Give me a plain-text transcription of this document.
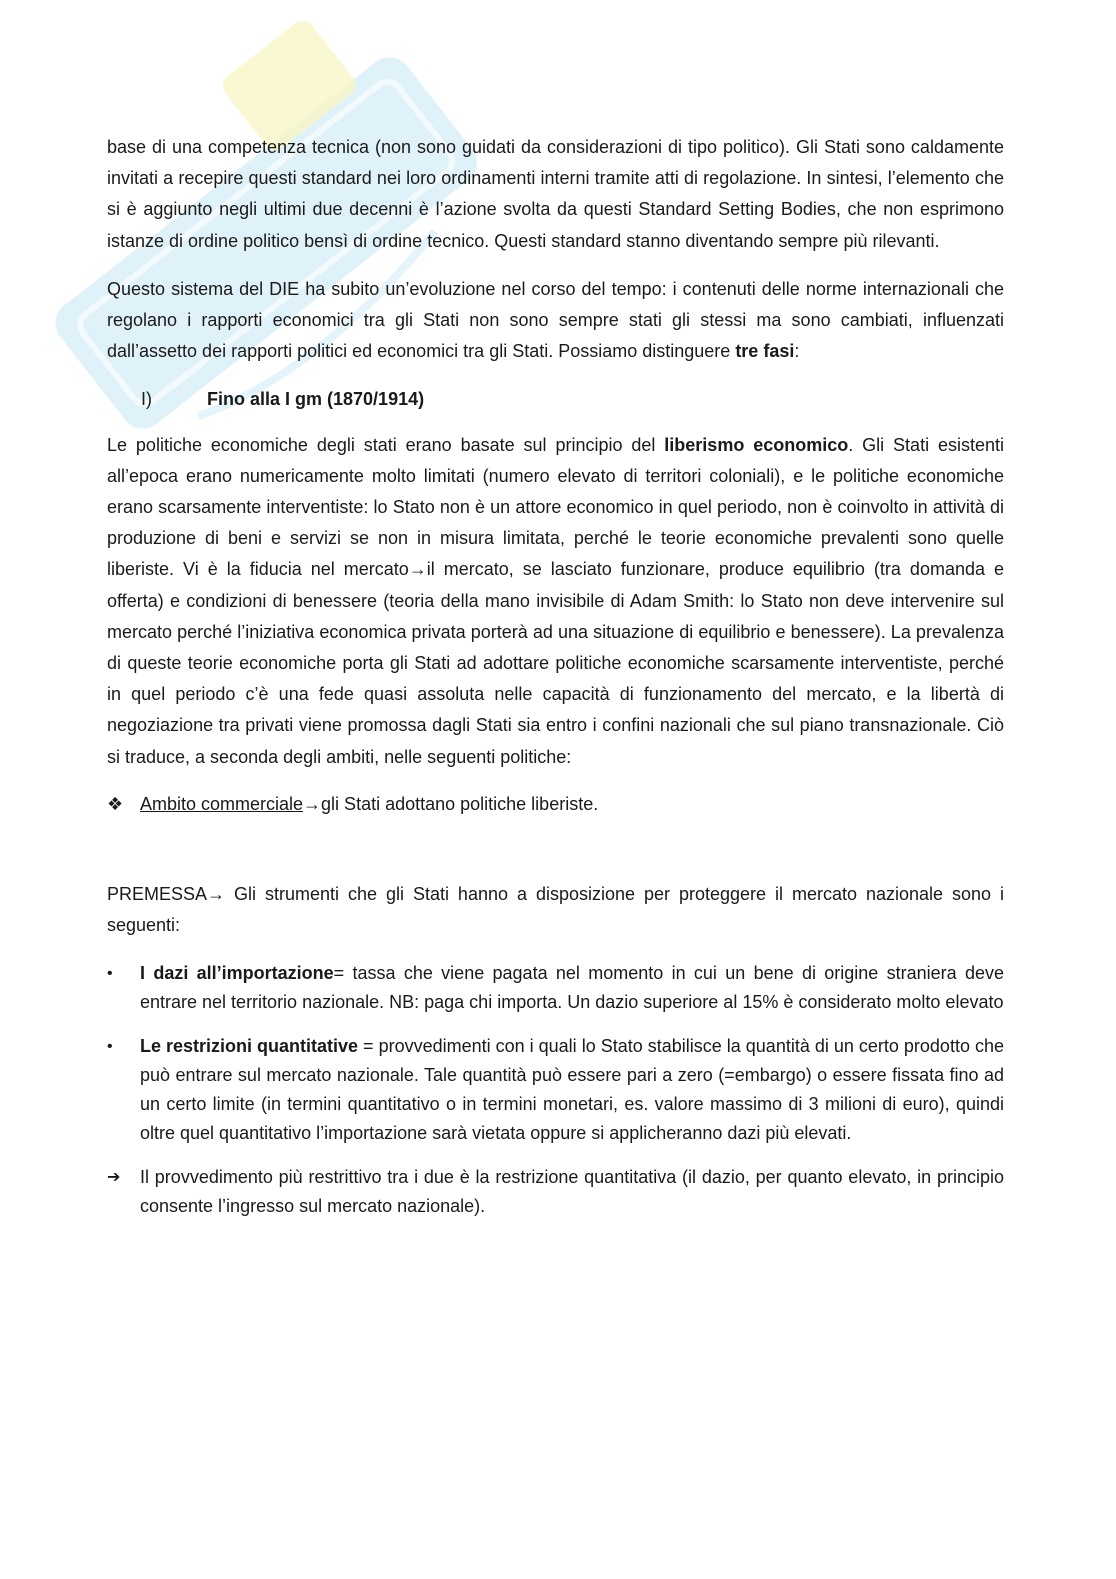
base di una competenza tecnica (non sono guidati da considerazioni di tipo politico). Gli Stati sono caldamente invitati a recepire questi standard nei loro ordinamenti interni tramite atti di regolazione. In sintesi, l’elemento che si è aggiunto negli ultimi due decenni è l’azione svolta da questi Standard Setting Bodies, che non esprimono istanze di ordine politico bensì di ordine tecnico. Questi standard stanno diventando sempre più rilevanti.

Questo sistema del DIE ha subito un’evoluzione nel corso del tempo: i contenuti delle norme internazionali che regolano i rapporti economici tra gli Stati non sono sempre stati gli stessi ma sono cambiati, influenzati dall’assetto dei rapporti politici ed economici tra gli Stati. Possiamo distinguere tre fasi:

I)	Fino alla I gm (1870/1914)

Le politiche economiche degli stati erano basate sul principio del liberismo economico. Gli Stati esistenti all’epoca erano numericamente molto limitati (numero elevato di territori coloniali), e le politiche economiche erano scarsamente interventiste: lo Stato non è un attore economico in quel periodo, non è coinvolto in attività di produzione di beni e servizi se non in misura limitata, perché le teorie economiche prevalenti sono quelle liberiste. Vi è la fiducia nel mercato→il mercato, se lasciato funzionare, produce equilibrio (tra domanda e offerta) e condizioni di benessere (teoria della mano invisibile di Adam Smith: lo Stato non deve intervenire sul mercato perché l’iniziativa economica privata porterà ad una situazione di equilibrio e benessere). La prevalenza di queste teorie economiche porta gli Stati ad adottare politiche economiche scarsamente interventiste, perché in quel periodo c’è una fede quasi assoluta nelle capacità di funzionamento del mercato, e la libertà di negoziazione tra privati viene promossa dagli Stati sia entro i confini nazionali che sul piano transnazionale. Ciò si traduce, a seconda degli ambiti, nelle seguenti politiche:

❖ Ambito commerciale→gli Stati adottano politiche liberiste.

PREMESSA→ Gli strumenti che gli Stati hanno a disposizione per proteggere il mercato nazionale sono i seguenti:

•	I dazi all’importazione= tassa che viene pagata nel momento in cui un bene di origine straniera deve entrare nel territorio nazionale. NB: paga chi importa. Un dazio superiore al 15% è considerato molto elevato
•	Le restrizioni quantitative = provvedimenti con i quali lo Stato stabilisce la quantità di un certo prodotto che può entrare sul mercato nazionale. Tale quantità può essere pari a zero (=embargo) o essere fissata fino ad un certo limite (in termini quantitativo o in termini monetari, es. valore massimo di 3 milioni di euro), quindi oltre quel quantitativo l’importazione sarà vietata oppure si applicheranno dazi più elevati.
➔	Il provvedimento più restrittivo tra i due è la restrizione quantitativa (il dazio, per quanto elevato, in principio consente l’ingresso sul mercato nazionale).
